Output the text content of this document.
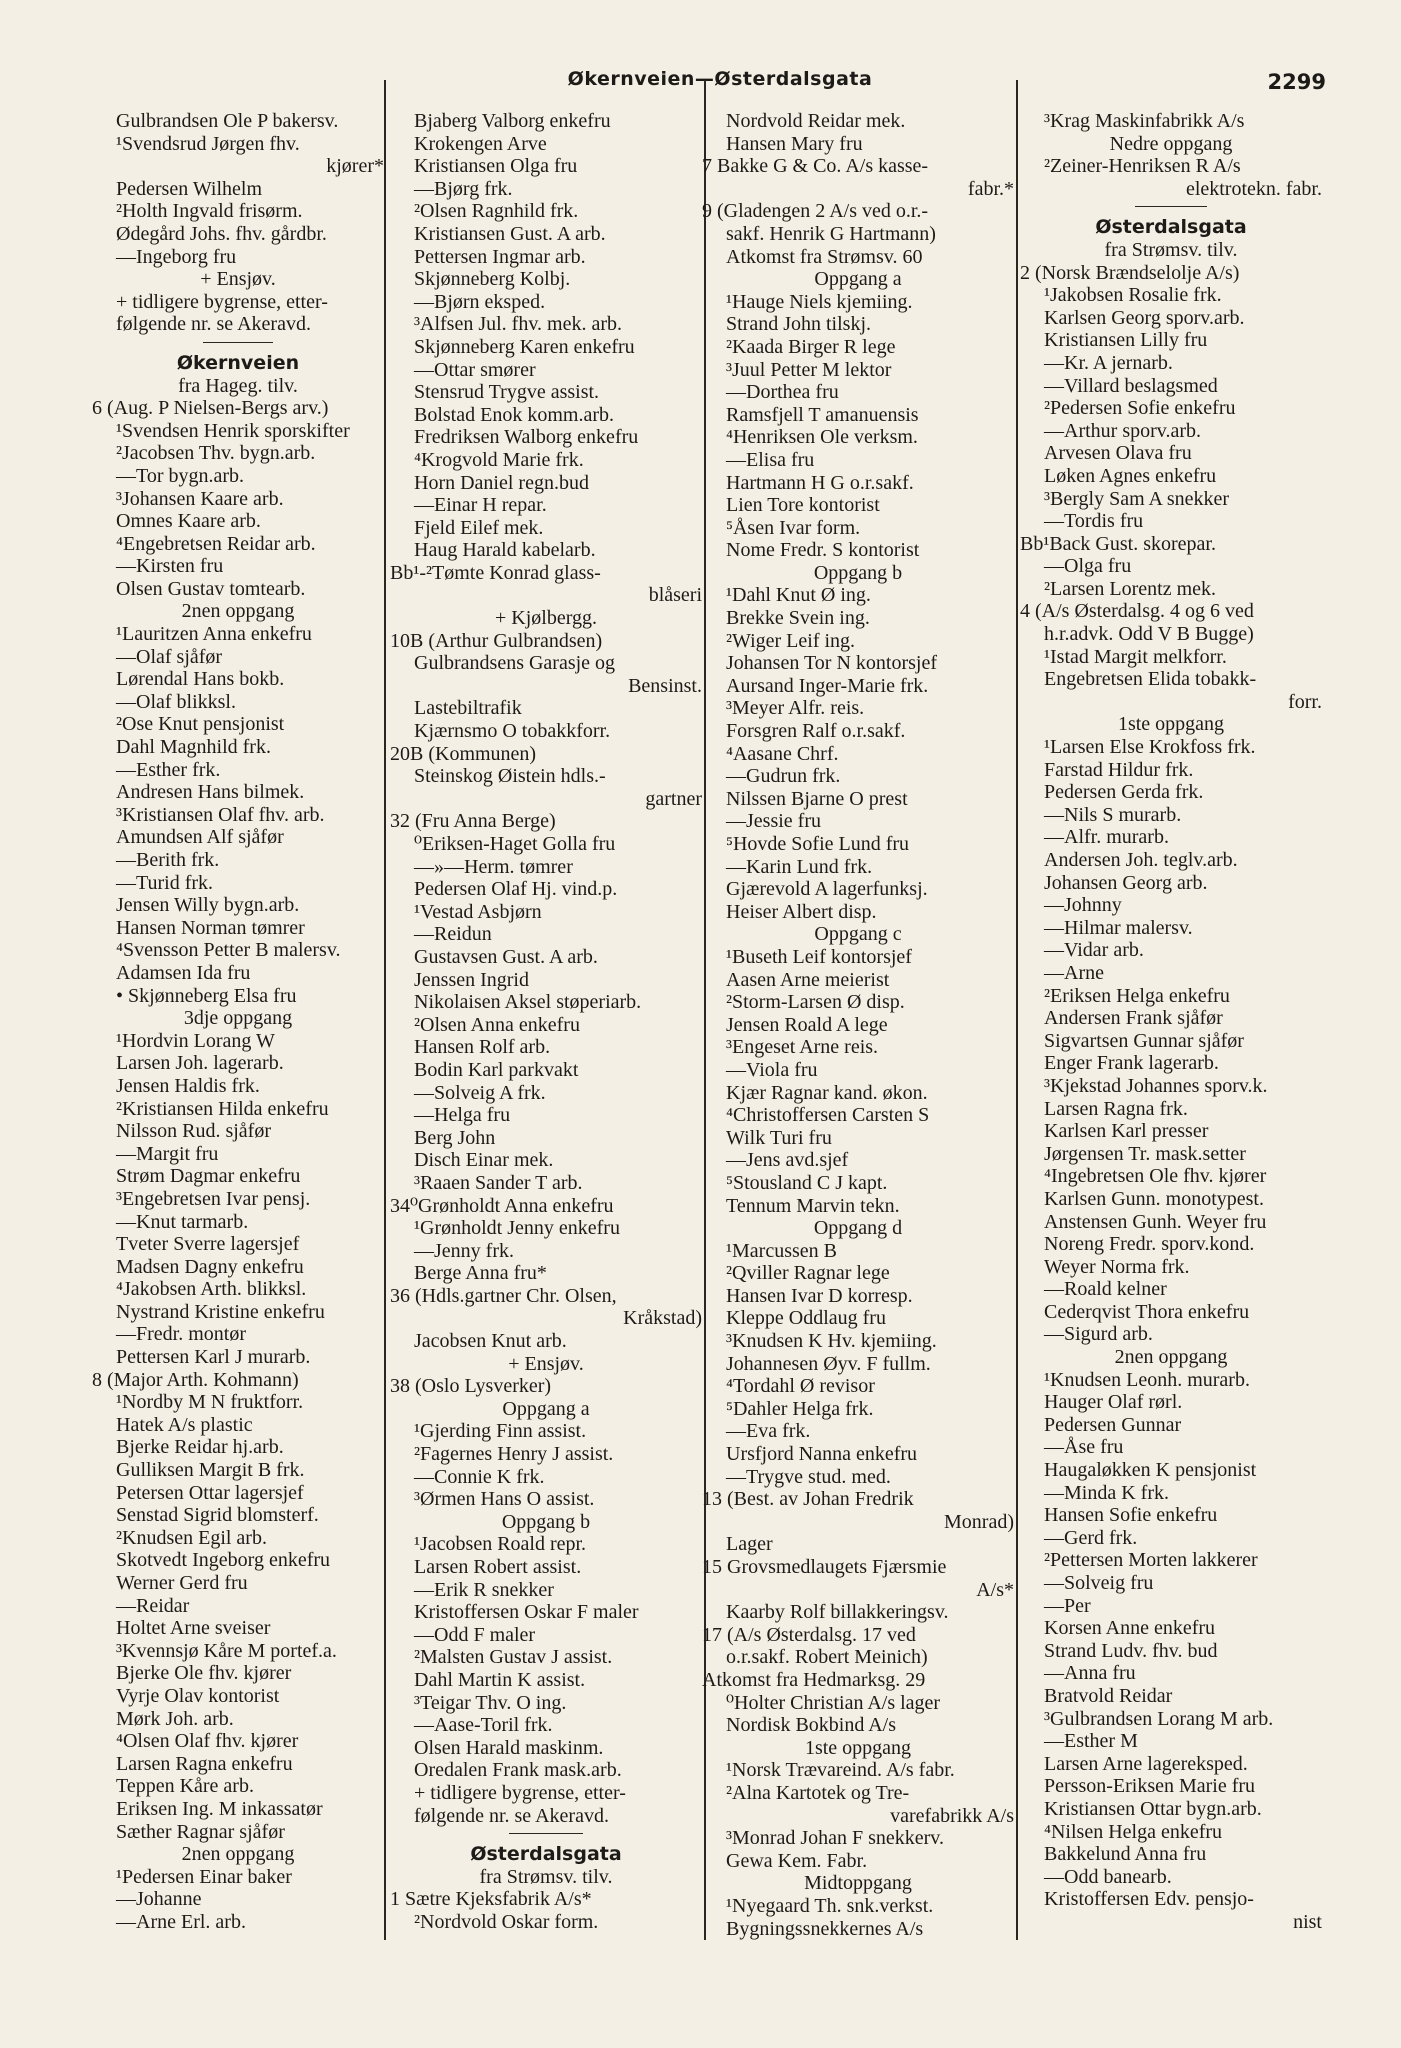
Økernveien—Østerdalsgata	2299
Gulbrandsen Ole P bakersv.
¹Svendsrud Jørgen fhv.
kjører*
Pedersen Wilhelm
²Holth Ingvald frisørm.
Ødegård Johs. fhv. gårdbr.
—Ingeborg fru
+ Ensjøv.
+ tidligere bygrense, etter-
følgende nr. se Akeravd.
Økernveien
fra Hageg. tilv.
6 (Aug. P Nielsen-Bergs arv.)
¹Svendsen Henrik sporskifter
²Jacobsen Thv. bygn.arb.
—Tor bygn.arb.
³Johansen Kaare arb.
Omnes Kaare arb.
⁴Engebretsen Reidar arb.
—Kirsten fru
Olsen Gustav tomtearb.
2nen oppgang
¹Lauritzen Anna enkefru
—Olaf sjåfør
Lørendal Hans bokb.
—Olaf blikksl.
²Ose Knut pensjonist
Dahl Magnhild frk.
—Esther frk.
Andresen Hans bilmek.
³Kristiansen Olaf fhv. arb.
Amundsen Alf sjåfør
—Berith frk.
—Turid frk.
Jensen Willy bygn.arb.
Hansen Norman tømrer
⁴Svensson Petter B malersv.
Adamsen Ida fru
• Skjønneberg Elsa fru
3dje oppgang
¹Hordvin Lorang W
Larsen Joh. lagerarb.
Jensen Haldis frk.
²Kristiansen Hilda enkefru
Nilsson Rud. sjåfør
—Margit fru
Strøm Dagmar enkefru
³Engebretsen Ivar pensj.
—Knut tarmarb.
Tveter Sverre lagersjef
Madsen Dagny enkefru
⁴Jakobsen Arth. blikksl.
Nystrand Kristine enkefru
—Fredr. montør
Pettersen Karl J murarb.
8 (Major Arth. Kohmann)
¹Nordby M N fruktforr.
Hatek A/s plastic
Bjerke Reidar hj.arb.
Gulliksen Margit B frk.
Petersen Ottar lagersjef
Senstad Sigrid blomsterf.
²Knudsen Egil arb.
Skotvedt Ingeborg enkefru
Werner Gerd fru
—Reidar
Holtet Arne sveiser
³Kvennsjø Kåre M portef.a.
Bjerke Ole fhv. kjører
Vyrje Olav kontorist
Mørk Joh. arb.
⁴Olsen Olaf fhv. kjører
Larsen Ragna enkefru
Teppen Kåre arb.
Eriksen Ing. M inkassatør
Sæther Ragnar sjåfør
2nen oppgang
¹Pedersen Einar baker
—Johanne
—Arne Erl. arb.
Bjaberg Valborg enkefru
Krokengen Arve
Kristiansen Olga fru
—Bjørg frk.
²Olsen Ragnhild frk.
Kristiansen Gust. A arb.
Pettersen Ingmar arb.
Skjønneberg Kolbj.
—Bjørn eksped.
³Alfsen Jul. fhv. mek. arb.
Skjønneberg Karen enkefru
—Ottar smører
Stensrud Trygve assist.
Bolstad Enok komm.arb.
Fredriksen Walborg enkefru
⁴Krogvold Marie frk.
Horn Daniel regn.bud
—Einar H repar.
Fjeld Eilef mek.
Haug Harald kabelarb.
Bb¹-²Tømte Konrad glass-
blåseri
+ Kjølbergg.
10B (Arthur Gulbrandsen)
Gulbrandsens Garasje og
Bensinst.
Lastebiltrafik
Kjærnsmo O tobakkforr.
20B (Kommunen)
Steinskog Øistein hdls.-
gartner
32 (Fru Anna Berge)
⁰Eriksen-Haget Golla fru
—»—Herm. tømrer
Pedersen Olaf Hj. vind.p.
¹Vestad Asbjørn
—Reidun
Gustavsen Gust. A arb.
Jenssen Ingrid
Nikolaisen Aksel støperiarb.
²Olsen Anna enkefru
Hansen Rolf arb.
Bodin Karl parkvakt
—Solveig A frk.
—Helga fru
Berg John
Disch Einar mek.
³Raaen Sander T arb.
34⁰Grønholdt Anna enkefru
¹Grønholdt Jenny enkefru
—Jenny frk.
Berge Anna fru*
36 (Hdls.gartner Chr. Olsen,
Kråkstad)
Jacobsen Knut arb.
+ Ensjøv.
38 (Oslo Lysverker)
Oppgang a
¹Gjerding Finn assist.
²Fagernes Henry J assist.
—Connie K frk.
³Ørmen Hans O assist.
Oppgang b
¹Jacobsen Roald repr.
Larsen Robert assist.
—Erik R snekker
Kristoffersen Oskar F maler
—Odd F maler
²Malsten Gustav J assist.
Dahl Martin K assist.
³Teigar Thv. O ing.
—Aase-Toril frk.
Olsen Harald maskinm.
Oredalen Frank mask.arb.
+ tidligere bygrense, etter-
følgende nr. se Akeravd.
Østerdalsgata
fra Strømsv. tilv.
1 Sætre Kjeksfabrik A/s*
²Nordvold Oskar form.
Nordvold Reidar mek.
Hansen Mary fru
7 Bakke G & Co. A/s kasse-
fabr.*
9 (Gladengen 2 A/s ved o.r.-
sakf. Henrik G Hartmann)
Atkomst fra Strømsv. 60
Oppgang a
¹Hauge Niels kjemiing.
Strand John tilskj.
²Kaada Birger R lege
³Juul Petter M lektor
—Dorthea fru
Ramsfjell T amanuensis
⁴Henriksen Ole verksm.
—Elisa fru
Hartmann H G o.r.sakf.
Lien Tore kontorist
⁵Åsen Ivar form.
Nome Fredr. S kontorist
Oppgang b
¹Dahl Knut Ø ing.
Brekke Svein ing.
²Wiger Leif ing.
Johansen Tor N kontorsjef
Aursand Inger-Marie frk.
³Meyer Alfr. reis.
Forsgren Ralf o.r.sakf.
⁴Aasane Chrf.
—Gudrun frk.
Nilssen Bjarne O prest
—Jessie fru
⁵Hovde Sofie Lund fru
—Karin Lund frk.
Gjærevold A lagerfunksj.
Heiser Albert disp.
Oppgang c
¹Buseth Leif kontorsjef
Aasen Arne meierist
²Storm-Larsen Ø disp.
Jensen Roald A lege
³Engeset Arne reis.
—Viola fru
Kjær Ragnar kand. økon.
⁴Christoffersen Carsten S
Wilk Turi fru
—Jens avd.sjef
⁵Stousland C J kapt.
Tennum Marvin tekn.
Oppgang d
¹Marcussen B
²Qviller Ragnar lege
Hansen Ivar D korresp.
Kleppe Oddlaug fru
³Knudsen K Hv. kjemiing.
Johannesen Øyv. F fullm.
⁴Tordahl Ø revisor
⁵Dahler Helga frk.
—Eva frk.
Ursfjord Nanna enkefru
—Trygve stud. med.
13 (Best. av Johan Fredrik
Monrad)
Lager
15 Grovsmedlaugets Fjærsmie
A/s*
Kaarby Rolf billakkeringsv.
17 (A/s Østerdalsg. 17 ved
o.r.sakf. Robert Meinich)
Atkomst fra Hedmarksg. 29
⁰Holter Christian A/s lager
Nordisk Bokbind A/s
1ste oppgang
¹Norsk Trævareind. A/s fabr.
²Alna Kartotek og Tre-
varefabrikk A/s
³Monrad Johan F snekkerv.
Gewa Kem. Fabr.
Midtoppgang
¹Nyegaard Th. snk.verkst.
Bygningssnekkernes A/s
³Krag Maskinfabrikk A/s
Nedre oppgang
²Zeiner-Henriksen R A/s
elektrotekn. fabr.
Østerdalsgata
fra Strømsv. tilv.
2 (Norsk Brændselolje A/s)
¹Jakobsen Rosalie frk.
Karlsen Georg sporv.arb.
Kristiansen Lilly fru
—Kr. A jernarb.
—Villard beslagsmed
²Pedersen Sofie enkefru
—Arthur sporv.arb.
Arvesen Olava fru
Løken Agnes enkefru
³Bergly Sam A snekker
—Tordis fru
Bb¹Back Gust. skorepar.
—Olga fru
²Larsen Lorentz mek.
4 (A/s Østerdalsg. 4 og 6 ved
h.r.advk. Odd V B Bugge)
¹Istad Margit melkforr.
Engebretsen Elida tobakk-
forr.
1ste oppgang
¹Larsen Else Krokfoss frk.
Farstad Hildur frk.
Pedersen Gerda frk.
—Nils S murarb.
—Alfr. murarb.
Andersen Joh. teglv.arb.
Johansen Georg arb.
—Johnny
—Hilmar malersv.
—Vidar arb.
—Arne
²Eriksen Helga enkefru
Andersen Frank sjåfør
Sigvartsen Gunnar sjåfør
Enger Frank lagerarb.
³Kjekstad Johannes sporv.k.
Larsen Ragna frk.
Karlsen Karl presser
Jørgensen Tr. mask.setter
⁴Ingebretsen Ole fhv. kjører
Karlsen Gunn. monotypest.
Anstensen Gunh. Weyer fru
Noreng Fredr. sporv.kond.
Weyer Norma frk.
—Roald kelner
Cederqvist Thora enkefru
—Sigurd arb.
2nen oppgang
¹Knudsen Leonh. murarb.
Hauger Olaf rørl.
Pedersen Gunnar
—Åse fru
Haugaløkken K pensjonist
—Minda K frk.
Hansen Sofie enkefru
—Gerd frk.
²Pettersen Morten lakkerer
—Solveig fru
—Per
Korsen Anne enkefru
Strand Ludv. fhv. bud
—Anna fru
Bratvold Reidar
³Gulbrandsen Lorang M arb.
—Esther M
Larsen Arne lagereksped.
Persson-Eriksen Marie fru
Kristiansen Ottar bygn.arb.
⁴Nilsen Helga enkefru
Bakkelund Anna fru
—Odd banearb.
Kristoffersen Edv. pensjo-
nist
